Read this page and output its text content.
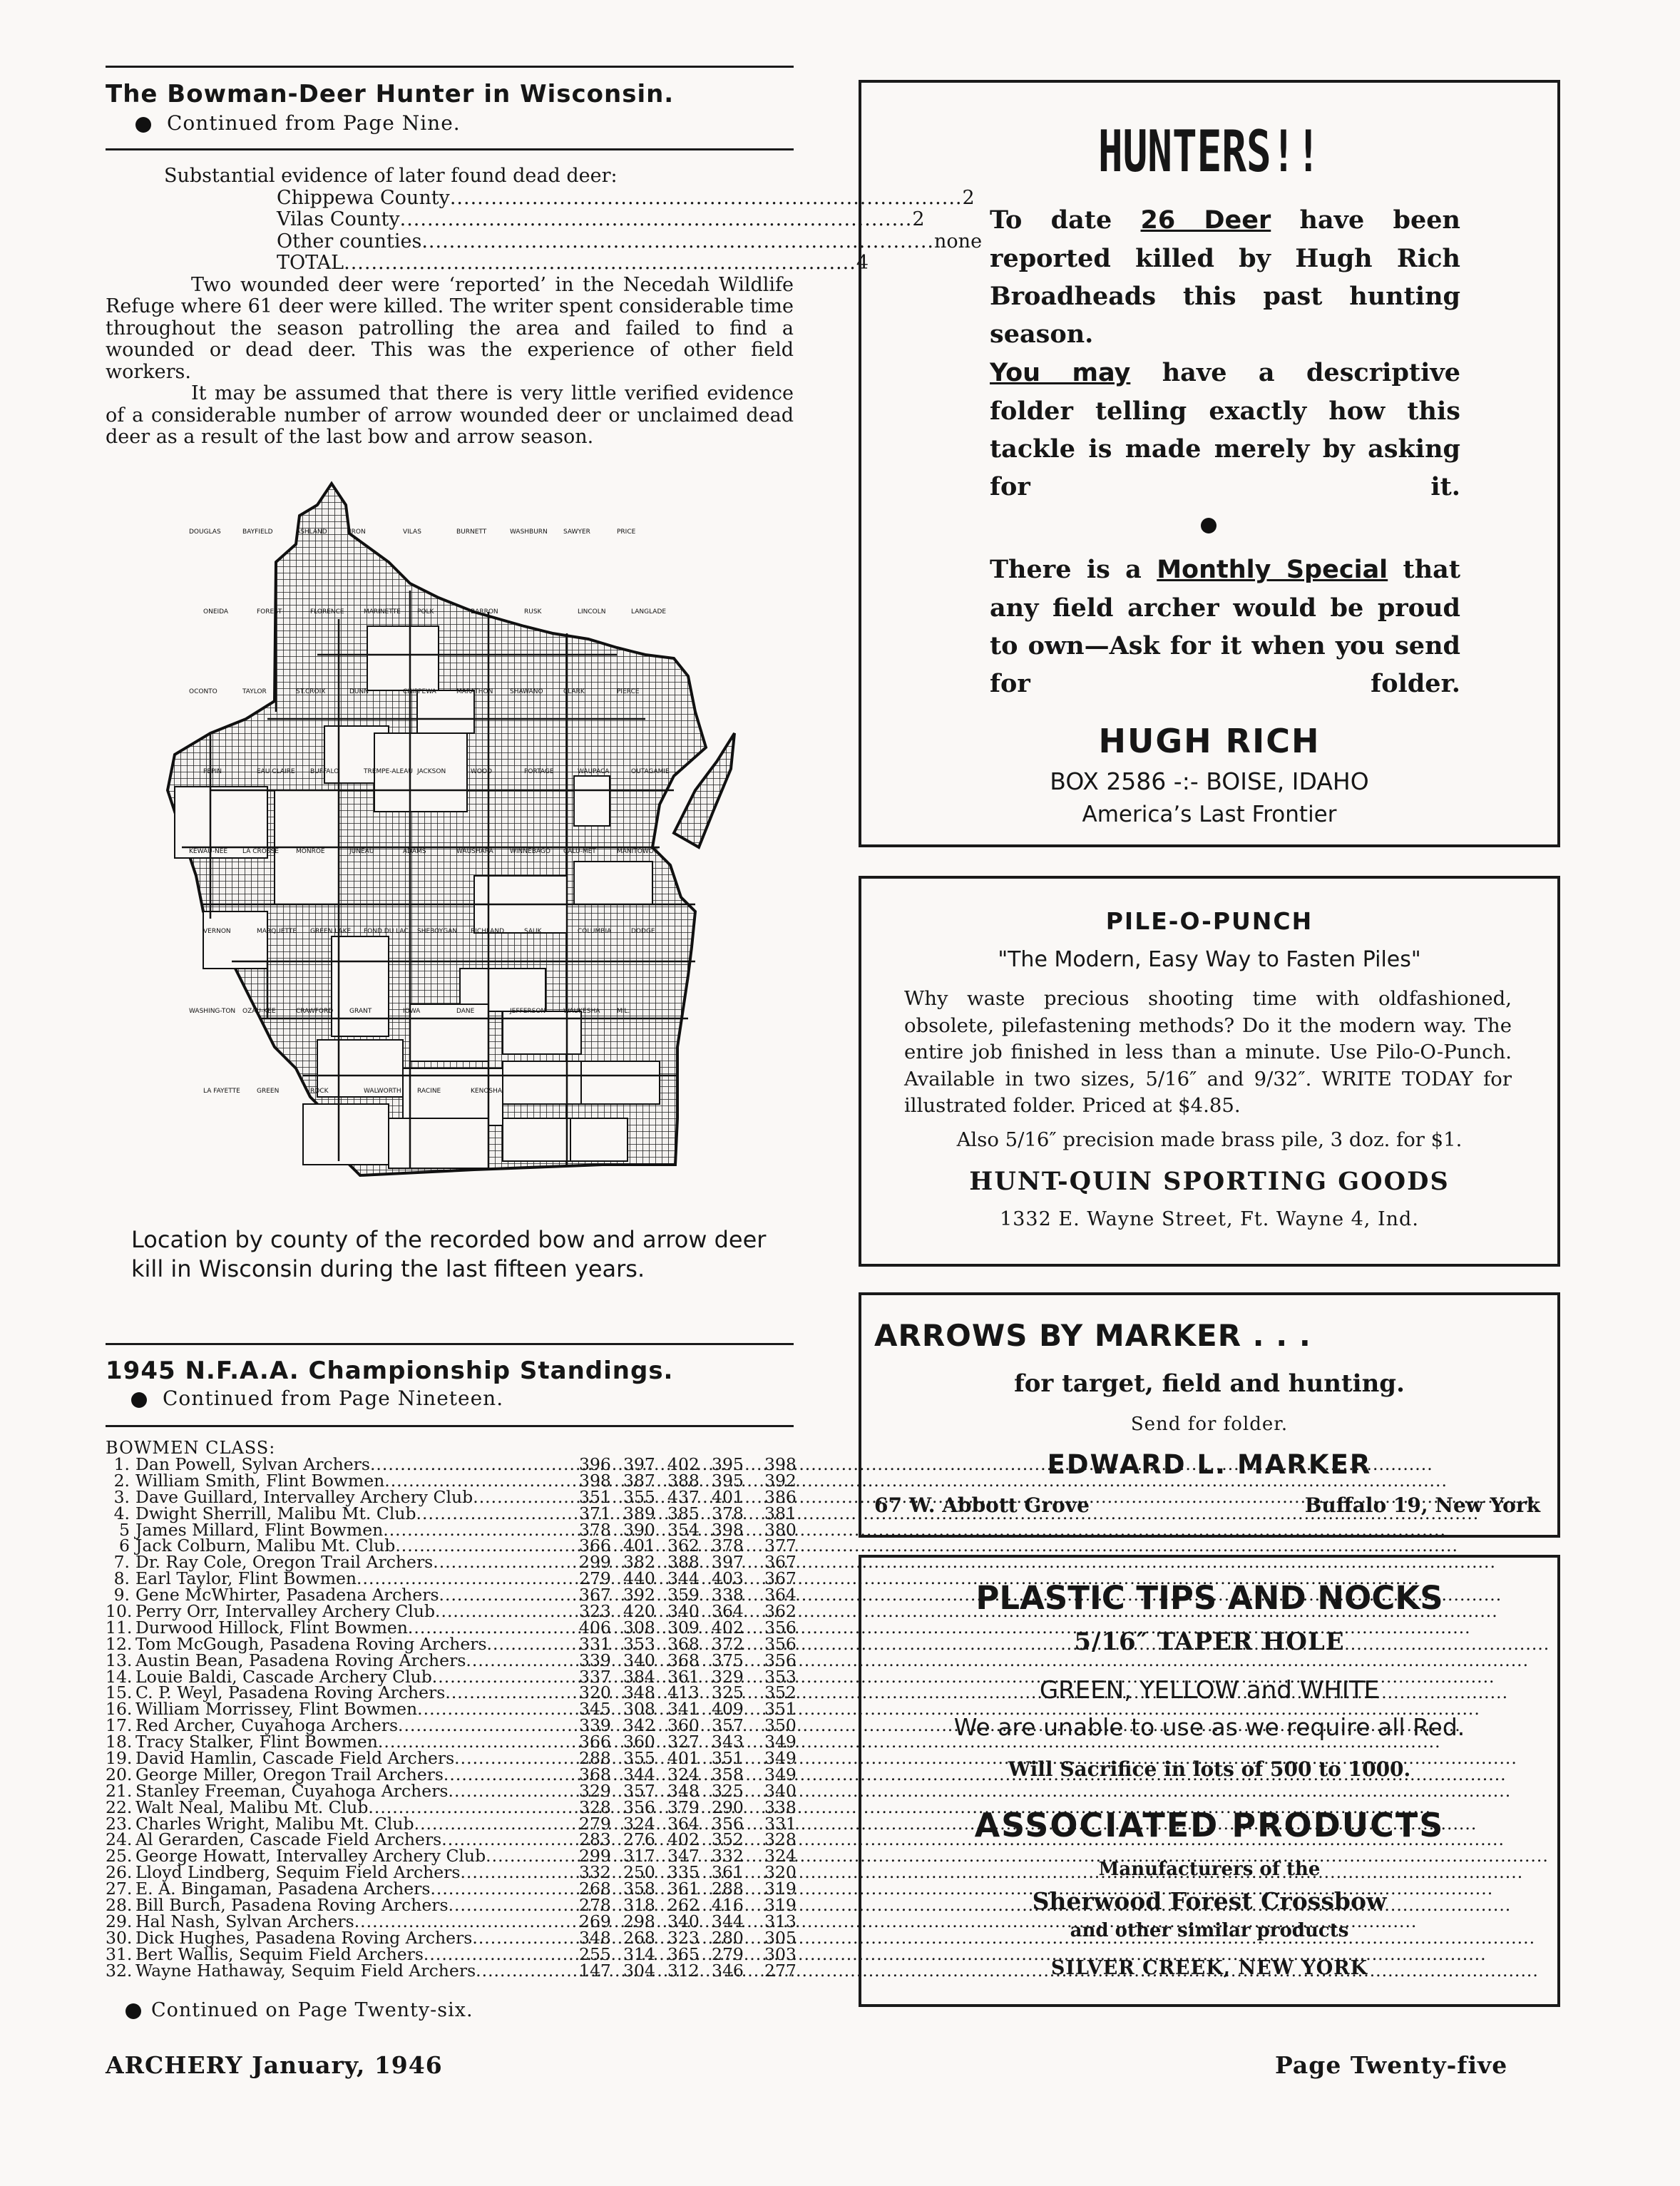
The Bowman-Deer Hunter in Wisconsin.
Continued from Page Nine.
Substantial evidence of later found dead deer:
Chippewa County ........................................................................... 2
Vilas County ........................................................................... 2
Other counties ........................................................................... none
TOTAL ........................................................................... 4

Two wounded deer were ‘reported’ in the Necedah Wildlife Refuge where 61 deer were killed. The writer spent considerable time throughout the season patrolling the area and failed to find a wounded or dead deer. This was the experience of other field workers.

It may be assumed that there is very little verified evidence of a considerable number of arrow wounded deer or unclaimed dead deer as a result of the last bow and arrow season.

DOUGLAS	BAYFIELD	ASHLAND	IRON	VILAS	BURNETT	WASHBURN SAWYER	PRICE
ONEIDA	FOREST	FLORENCE	MARINETTE	POLK	BARRON	RUSK	LINCOLN	LANGLADE
OCONTO	TAYLOR	ST.CROIX	DUNN	CHIPPEWA	MARATHON	SHAWANO	CLARK	PIERCE
PEPIN	EAU CLAIRE BUFFALO	TREMPE-ALEAU JACKSON	WOOD	PORTAGE	WAUPACA	OUTAGAMIE
KEWAU-NEE LA CROSSE	MONROE	JUNEAU	ADAMS	WAUSHARA	WINNEBAGO CALU-MET	MANITOWOC
VERNON	MARQUETTE GREEN LAKE FOND DU LAC SHEBOYGAN RICHLAND	SAUK	COLUMBIA	DODGE
WASHING-TON OZAU-KEE	CRAWFORD	GRANT	IOWA	DANE	JEFFERSON	WAUKESHA	MIL.
LA FAYETTE	GREEN	ROCK	WALWORTH RACINE	KENOSHA
Location by county of the recorded bow and arrow deer kill in Wisconsin during the last fifteen years.
1945 N.F.A.A. Championship Standings.
Continued from Page Nineteen.
BOWMEN CLASS:
1. Dan Powell, Sylvan Archers .....	396 397 402 395 398
2. William Smith, Flint Bowmen .....	398 387 388 395 392
3. Dave Guillard, Intervalley Archery Club .....	351 355 437 401 386
4. Dwight Sherrill, Malibu Mt. Club .....	371 389 385 378 381
5 James Millard, Flint Bowmen .....	378 390 354 398 380
6 Jack Colburn, Malibu Mt. Club .....	366 401 362 378 377
7. Dr. Ray Cole, Oregon Trail Archers .....	299 382 388 397 367
8. Earl Taylor, Flint Bowmen .....	279 440 344 403 367
9. Gene McWhirter, Pasadena Archers .....	367 392 359 338 364
10. Perry Orr, Intervalley Archery Club .....	323 420 340 364 362
11. Durwood Hillock, Flint Bowmen .....	406 308 309 402 356
12. Tom McGough, Pasadena Roving Archers .....	331 353 368 372 356
13. Austin Bean, Pasadena Roving Archers .....	339 340 368 375 356
14. Louie Baldi, Cascade Archery Club .....	337 384 361 329 353
15. C. P. Weyl, Pasadena Roving Archers .....	320 348 413 325 352
16. William Morrissey, Flint Bowmen .....	345 308 341 409 351
17. Red Archer, Cuyahoga Archers .....	339 342 360 357 350
18. Tracy Stalker, Flint Bowmen .....	366 360 327 343 349
19. David Hamlin, Cascade Field Archers .....	288 355 401 351 349
20. George Miller, Oregon Trail Archers .....	368 344 324 358 349
21. Stanley Freeman, Cuyahoga Archers .....	329 357 348 325 340
22. Walt Neal, Malibu Mt. Club .....	328 356 379 290 338
23. Charles Wright, Malibu Mt. Club .....	279 324 364 356 331
24. Al Gerarden, Cascade Field Archers .....	283 276 402 352 328
25. George Howatt, Intervalley Archery Club .....	299 317 347 332 324
26. Lloyd Lindberg, Sequim Field Archers .....	332 250 335 361 320
27. E. A. Bingaman, Pasadena Archers .....	268 358 361 288 319
28. Bill Burch, Pasadena Roving Archers .....	278 318 262 416 319
29. Hal Nash, Sylvan Archers .....	269 298 340 344 313
30. Dick Hughes, Pasadena Roving Archers .....	348 268 323 280 305
31. Bert Wallis, Sequim Field Archers .....	255 314 365 279 303
32. Wayne Hathaway, Sequim Field Archers .....	147 304 312 346 277
Continued on Page Twenty-six.
ARCHERY January, 1946	Page Twenty-five
HUNTERS!!
To date 26 Deer have been reported killed by Hugh Rich Broadheads this past hunting season.
You may have a descriptive folder telling exactly how this tackle is made merely by asking for it.
There is a Monthly Special that any field archer would be proud to own—Ask for it when you send for folder.
HUGH RICH
BOX 2586 -:- BOISE, IDAHO
America’s Last Frontier
PILE-O-PUNCH
"The Modern, Easy Way to Fasten Piles"
Why waste precious shooting time with oldfashioned, obsolete, pilefastening methods? Do it the modern way. The entire job finished in less than a minute. Use Pilo-O-Punch. Available in two sizes, 5/16″ and 9/32″. WRITE TODAY for illustrated folder. Priced at $4.85.
Also 5/16″ precision made brass pile, 3 doz. for $1.
HUNT-QUIN SPORTING GOODS
1332 E. Wayne Street, Ft. Wayne 4, Ind.
ARROWS BY MARKER . . .
for target, field and hunting.
Send for folder.
EDWARD L. MARKER
67 W. Abbott Grove	Buffalo 19, New York
PLASTIC TIPS AND NOCKS
5/16″ TAPER HOLE
GREEN, YELLOW and WHITE
We are unable to use as we require all Red.
Will Sacrifice in lots of 500 to 1000.
ASSOCIATED PRODUCTS
Manufacturers of the
Sherwood Forest Crossbow
and other similar products
SILVER CREEK, NEW YORK
